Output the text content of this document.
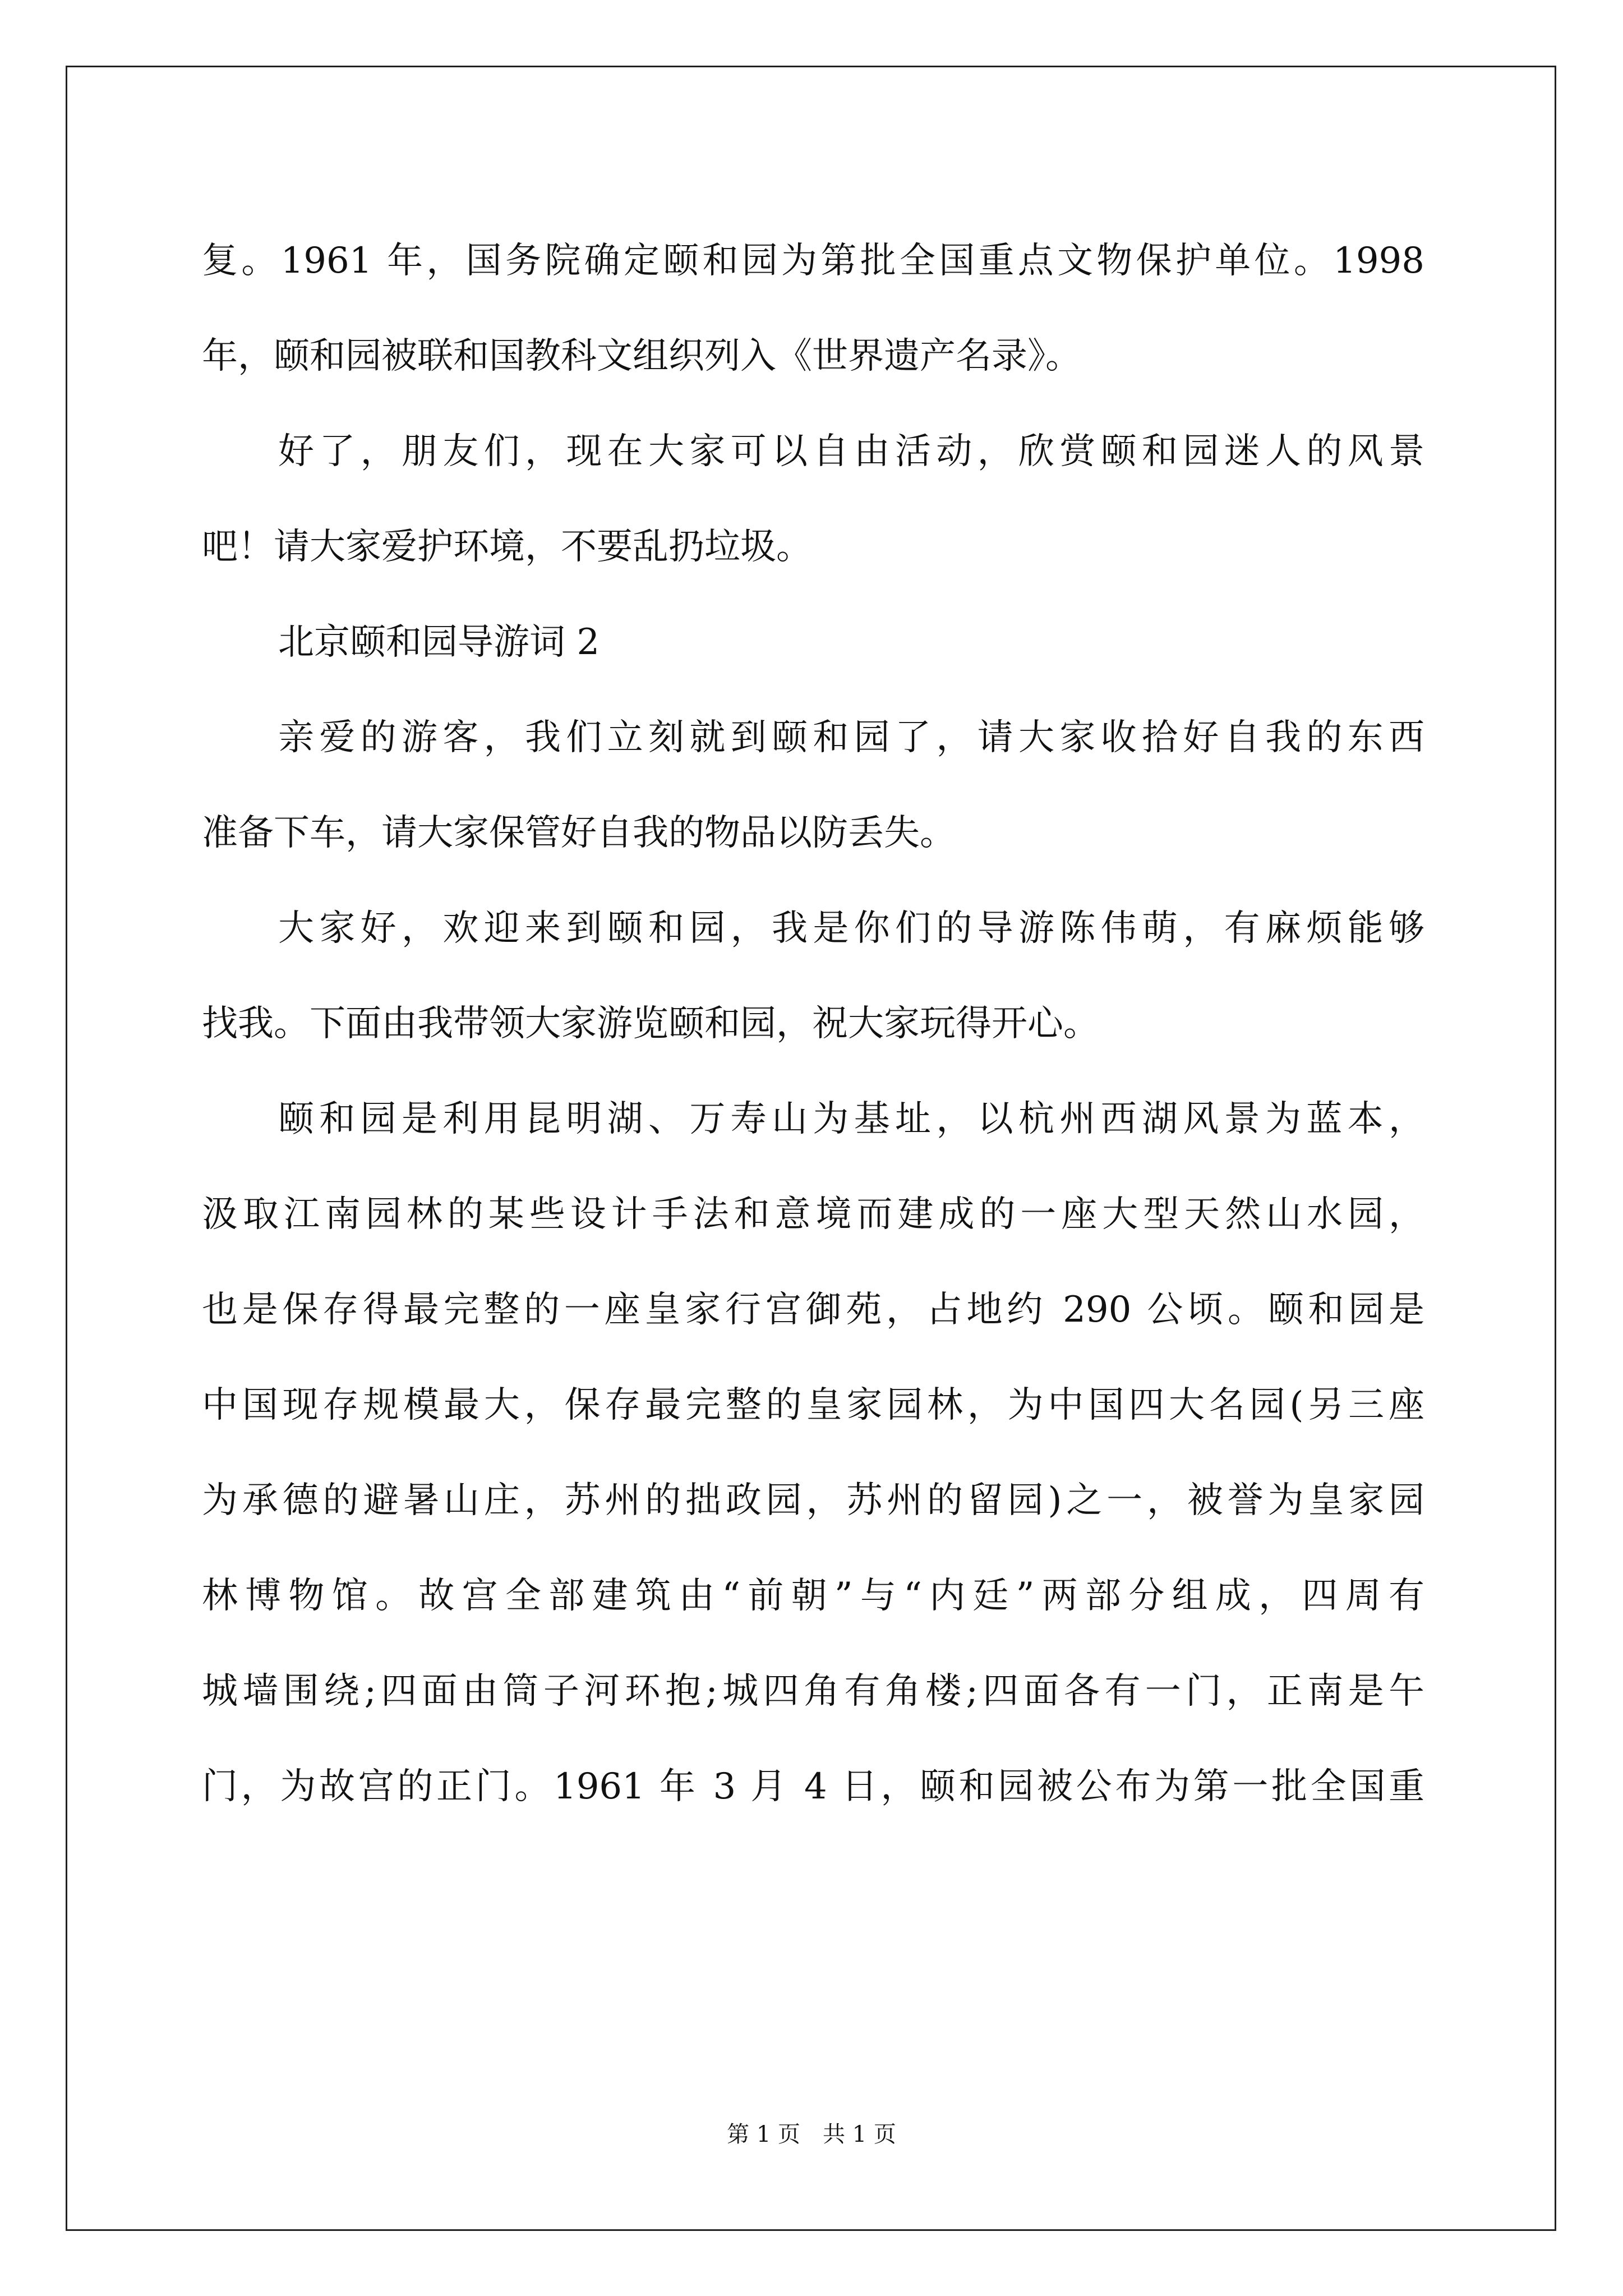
复。1961 年，国务院确定颐和园为第批全国重点文物保护单位。1998
年，颐和园被联和国教科文组织列入《世界遗产名录》。
好了，朋友们，现在大家可以自由活动，欣赏颐和园迷人的风景
吧！请大家爱护环境，不要乱扔垃圾。
北京颐和园导游词 2
亲爱的游客，我们立刻就到颐和园了，请大家收拾好自我的东西
准备下车，请大家保管好自我的物品以防丢失。
大家好，欢迎来到颐和园，我是你们的导游陈伟萌，有麻烦能够
找我。下面由我带领大家游览颐和园，祝大家玩得开心。
颐和园是利用昆明湖、万寿山为基址，以杭州西湖风景为蓝本，
汲取江南园林的某些设计手法和意境而建成的一座大型天然山水园，
也是保存得最完整的一座皇家行宫御苑，占地约 290 公顷。颐和园是
中国现存规模最大，保存最完整的皇家园林，为中国四大名园(另三座
为承德的避暑山庄，苏州的拙政园，苏州的留园)之一，被誉为皇家园
林博物馆。故宫全部建筑由“前朝”与“内廷”两部分组成，四周有
城墙围绕;四面由筒子河环抱;城四角有角楼;四面各有一门，正南是午
门，为故宫的正门。1961 年 3 月 4 日，颐和园被公布为第一批全国重
第 1 页　共 1 页
